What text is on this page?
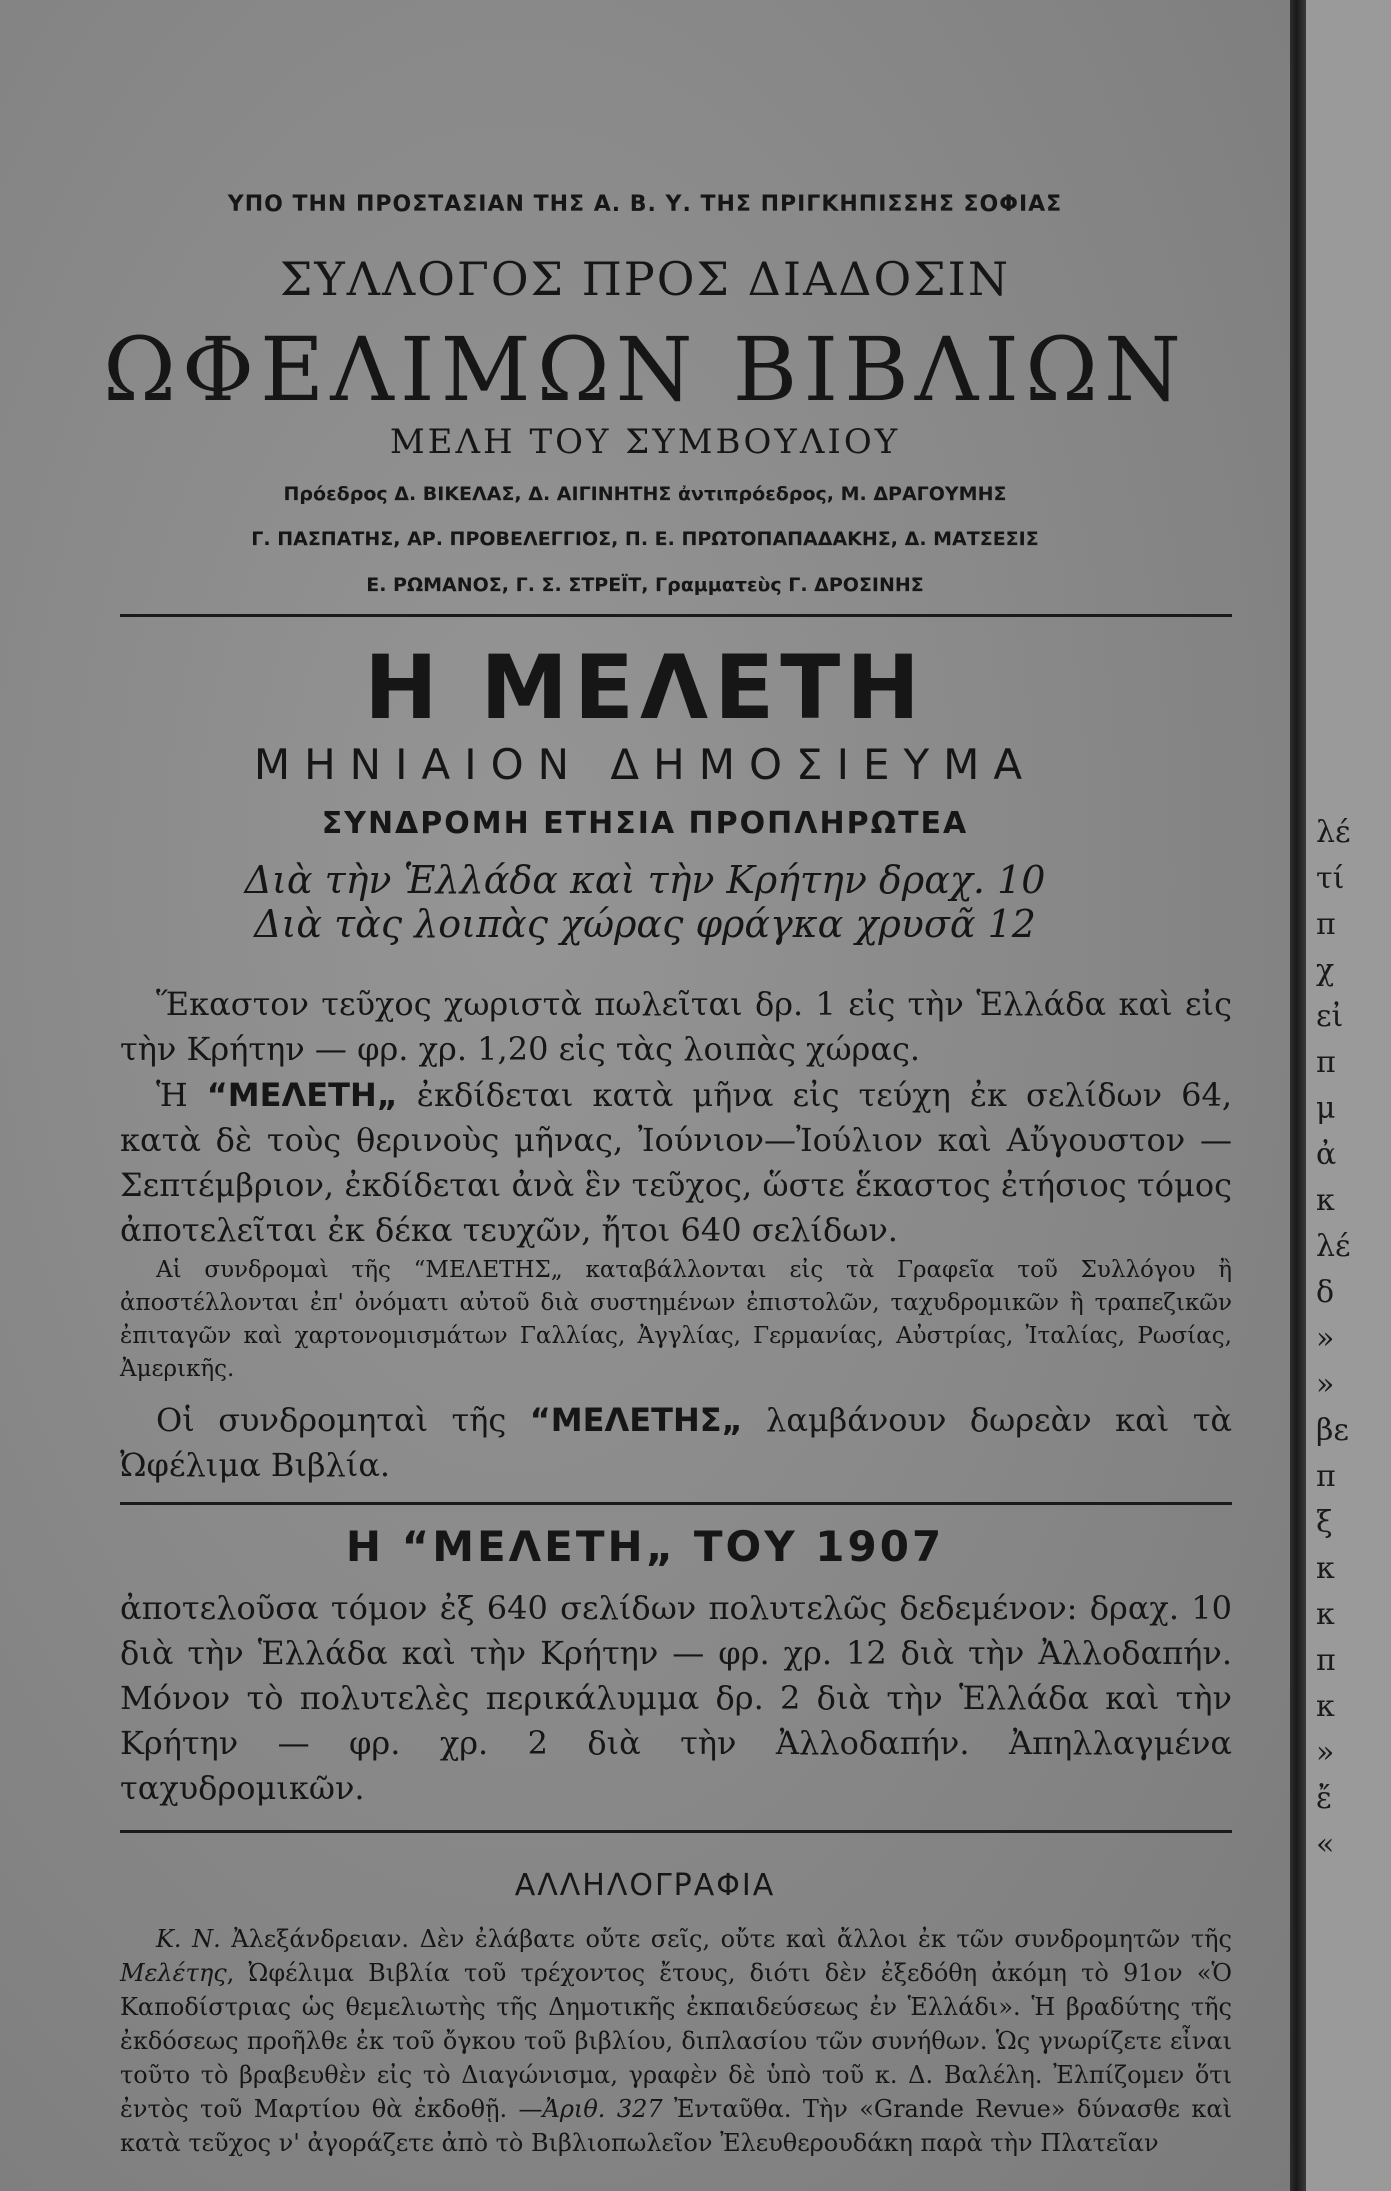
ΥΠΟ ΤΗΝ ΠΡΟΣΤΑΣΙΑΝ ΤΗΣ Α. Β. Υ. ΤΗΣ ΠΡΙΓΚΗΠΙΣΣΗΣ ΣΟΦΙΑΣ
ΣΥΛΛΟΓΟΣ ΠΡΟΣ ΔΙΑΔΟΣΙΝ
ΩΦΕΛΙΜΩΝ ΒΙΒΛΙΩΝ
ΜΕΛΗ ΤΟΥ ΣΥΜΒΟΥΛΙΟΥ
Πρόεδρος Δ. ΒΙΚΕΛΑΣ, Δ. ΑΙΓΙΝΗΤΗΣ ἀντιπρόεδρος, Μ. ΔΡΑΓΟΥΜΗΣ
Γ. ΠΑΣΠΑΤΗΣ, ΑΡ. ΠΡΟΒΕΛΕΓΓΙΟΣ, Π. Ε. ΠΡΩΤΟΠΑΠΑΔΑΚΗΣ, Δ. ΜΑΤΣΕΣΙΣ
Ε. ΡΩΜΑΝΟΣ, Γ. Σ. ΣΤΡΕΪΤ, Γραμματεὺς Γ. ΔΡΟΣΙΝΗΣ
Η ΜΕΛΕΤΗ
ΜΗΝΙΑΙΟΝ ΔΗΜΟΣΙΕΥΜΑ
ΣΥΝΔΡΟΜΗ ΕΤΗΣΙΑ ΠΡΟΠΛΗΡΩΤΕΑ
Διὰ τὴν Ἑλλάδα καὶ τὴν Κρήτην δραχ. 10
Διὰ τὰς λοιπὰς χώρας φράγκα χρυσᾶ 12
Ἕκαστον τεῦχος χωριστὰ πωλεῖται δρ. 1 εἰς τὴν Ἑλλάδα καὶ εἰς τὴν Κρήτην — φρ. χρ. 1,20 εἰς τὰς λοιπὰς χώρας.
Ἡ “ΜΕΛΕΤΗ„ ἐκδίδεται κατὰ μῆνα εἰς τεύχη ἐκ σελίδων 64, κατὰ δὲ τοὺς θερινοὺς μῆνας, Ἰούνιον—Ἰούλιον καὶ Αὔγουστον —Σεπτέμβριον, ἐκδίδεται ἀνὰ ἓν τεῦχος, ὥστε ἕκαστος ἐτήσιος τόμος ἀποτελεῖται ἐκ δέκα τευχῶν, ἤτοι 640 σελίδων.
Αἱ συνδρομαὶ τῆς “ΜΕΛΕΤΗΣ„ καταβάλλονται εἰς τὰ Γραφεῖα τοῦ Συλλόγου ἢ ἀποστέλλονται ἐπ' ὀνόματι αὐτοῦ διὰ συστημένων ἐπιστολῶν, ταχυδρομικῶν ἢ τραπεζικῶν ἐπιταγῶν καὶ χαρτονομισμάτων Γαλλίας, Ἀγγλίας, Γερμανίας, Αὐστρίας, Ἰταλίας, Ρωσίας, Ἀμερικῆς.
Οἱ συνδρομηταὶ τῆς “ΜΕΛΕΤΗΣ„ λαμβάνουν δωρεὰν καὶ τὰ Ὠφέλιμα Βιβλία.
Η “ΜΕΛΕΤΗ„ ΤΟΥ 1907
ἀποτελοῦσα τόμον ἐξ 640 σελίδων πολυτελῶς δεδεμένον: δραχ. 10 διὰ τὴν Ἑλλάδα καὶ τὴν Κρήτην — φρ. χρ. 12 διὰ τὴν Ἀλλοδαπήν. Μόνον τὸ πολυτελὲς περικάλυμμα δρ. 2 διὰ τὴν Ἑλλάδα καὶ τὴν Κρήτην — φρ. χρ. 2 διὰ τὴν Ἀλλοδαπήν. Ἀπηλλαγμένα ταχυδρομικῶν.
ΑΛΛΗΛΟΓΡΑΦΙΑ
Κ. Ν. Ἀλεξάνδρειαν. Δὲν ἐλάβατε οὔτε σεῖς, οὔτε καὶ ἄλλοι ἐκ τῶν συνδρομητῶν τῆς Μελέτης, Ὠφέλιμα Βιβλία τοῦ τρέχοντος ἔτους, διότι δὲν ἐξεδόθη ἀκόμη τὸ 91ον «Ὁ Καποδίστριας ὡς θεμελιωτὴς τῆς Δημοτικῆς ἐκπαιδεύσεως ἐν Ἑλλάδι». Ἡ βραδύτης τῆς ἐκδόσεως προῆλθε ἐκ τοῦ ὄγκου τοῦ βιβλίου, διπλασίου τῶν συνήθων. Ὡς γνωρίζετε εἶναι τοῦτο τὸ βραβευθὲν εἰς τὸ Διαγώνισμα, γραφὲν δὲ ὑπὸ τοῦ κ. Δ. Βαλέλη. Ἐλπίζομεν ὅτι ἐντὸς τοῦ Μαρτίου θὰ ἐκδοθῇ. —Ἀριθ. 327 Ἐνταῦθα. Τὴν «Grande Revue» δύνασθε καὶ κατὰ τεῦχος ν' ἀγοράζετε ἀπὸ τὸ Βιβλιοπωλεῖον Ἐλευθερουδάκη παρὰ τὴν Πλατεῖαν
λέ
τί
π
χ
εἰ
π
μ
ἀ
κ
λέ
δ
»
»
βε
π
ξ
κ
κ
π
κ
»
ἔ
«
